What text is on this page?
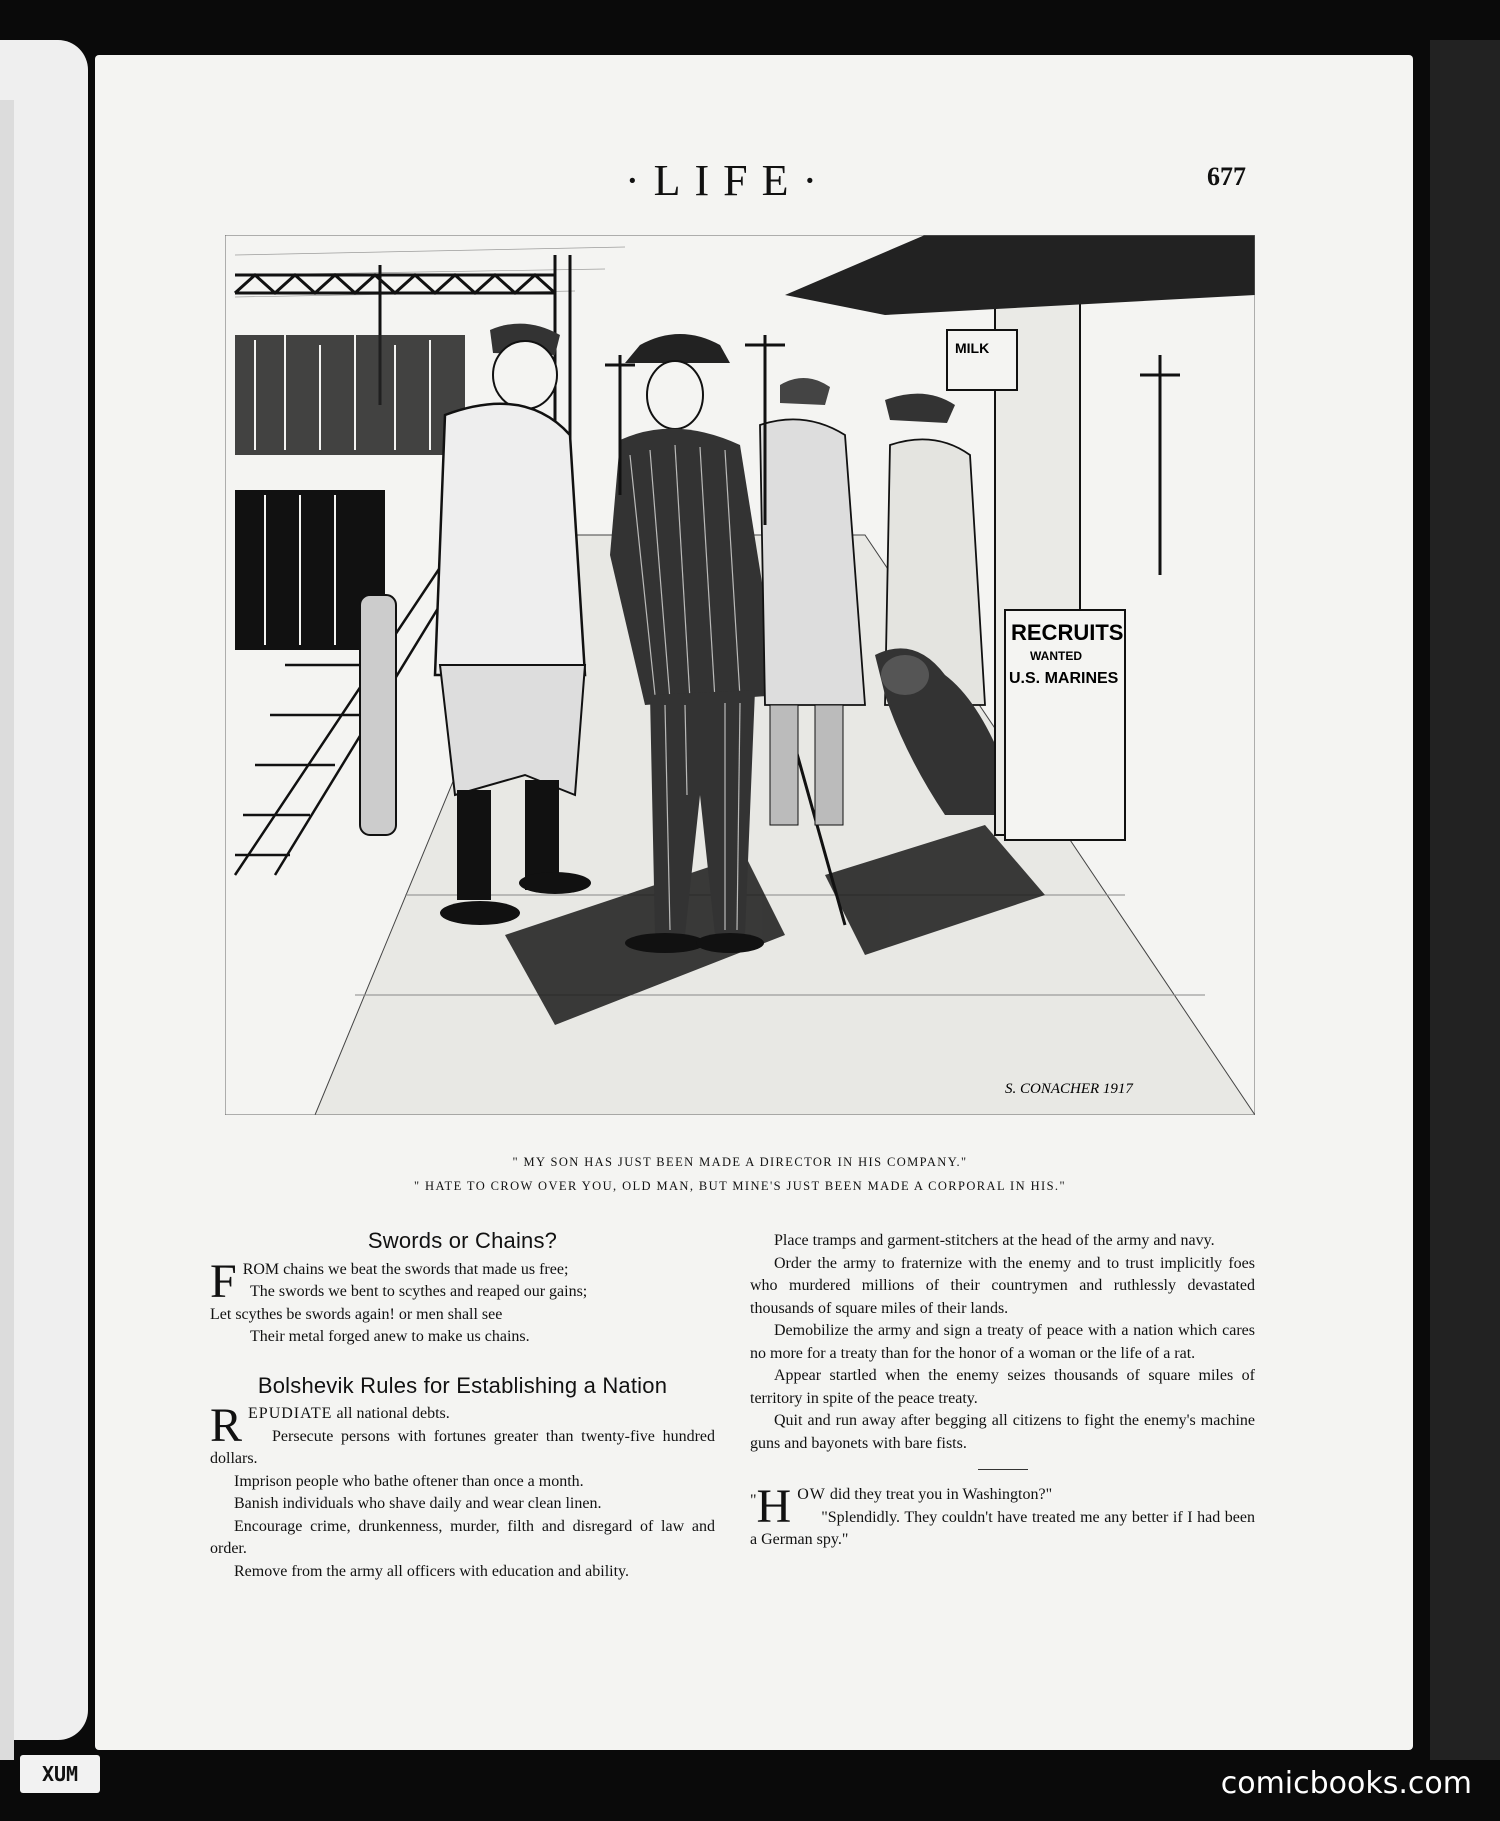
·LIFE·	677
MILK
RECRUITS
WANTED
U.S. MARINES
S. CONACHER 1917
" MY SON HAS JUST BEEN MADE A DIRECTOR IN HIS COMPANY."
" HATE TO CROW OVER YOU, OLD MAN, BUT MINE'S JUST BEEN MADE A CORPORAL IN HIS."
Swords or Chains?
F ROM chains we beat the swords that made us free;

The swords we bent to scythes and reaped our gains;

Let scythes be swords again! or men shall see

Their metal forged anew to make us chains.

Bolshevik Rules for Establishing a Nation
R EPUDIATE all national debts.

Persecute persons with fortunes greater than twenty-five hundred dollars.

Imprison people who bathe oftener than once a month.

Banish individuals who shave daily and wear clean linen.

Encourage crime, drunkenness, murder, filth and disregard of law and order.

Remove from the army all officers with education and ability.

Place tramps and garment-stitchers at the head of the army and navy.

Order the army to fraternize with the enemy and to trust implicitly foes who murdered millions of their countrymen and ruthlessly devastated thousands of square miles of their lands.

Demobilize the army and sign a treaty of peace with a nation which cares no more for a treaty than for the honor of a woman or the life of a rat.

Appear startled when the enemy seizes thousands of square miles of territory in spite of the peace treaty.

Quit and run away after begging all citizens to fight the enemy's machine guns and bayonets with bare fists.

" H OW did they treat you in Washington?"

"Splendidly. They couldn't have treated me any better if I had been a German spy."

XUM	comicbooks.com
